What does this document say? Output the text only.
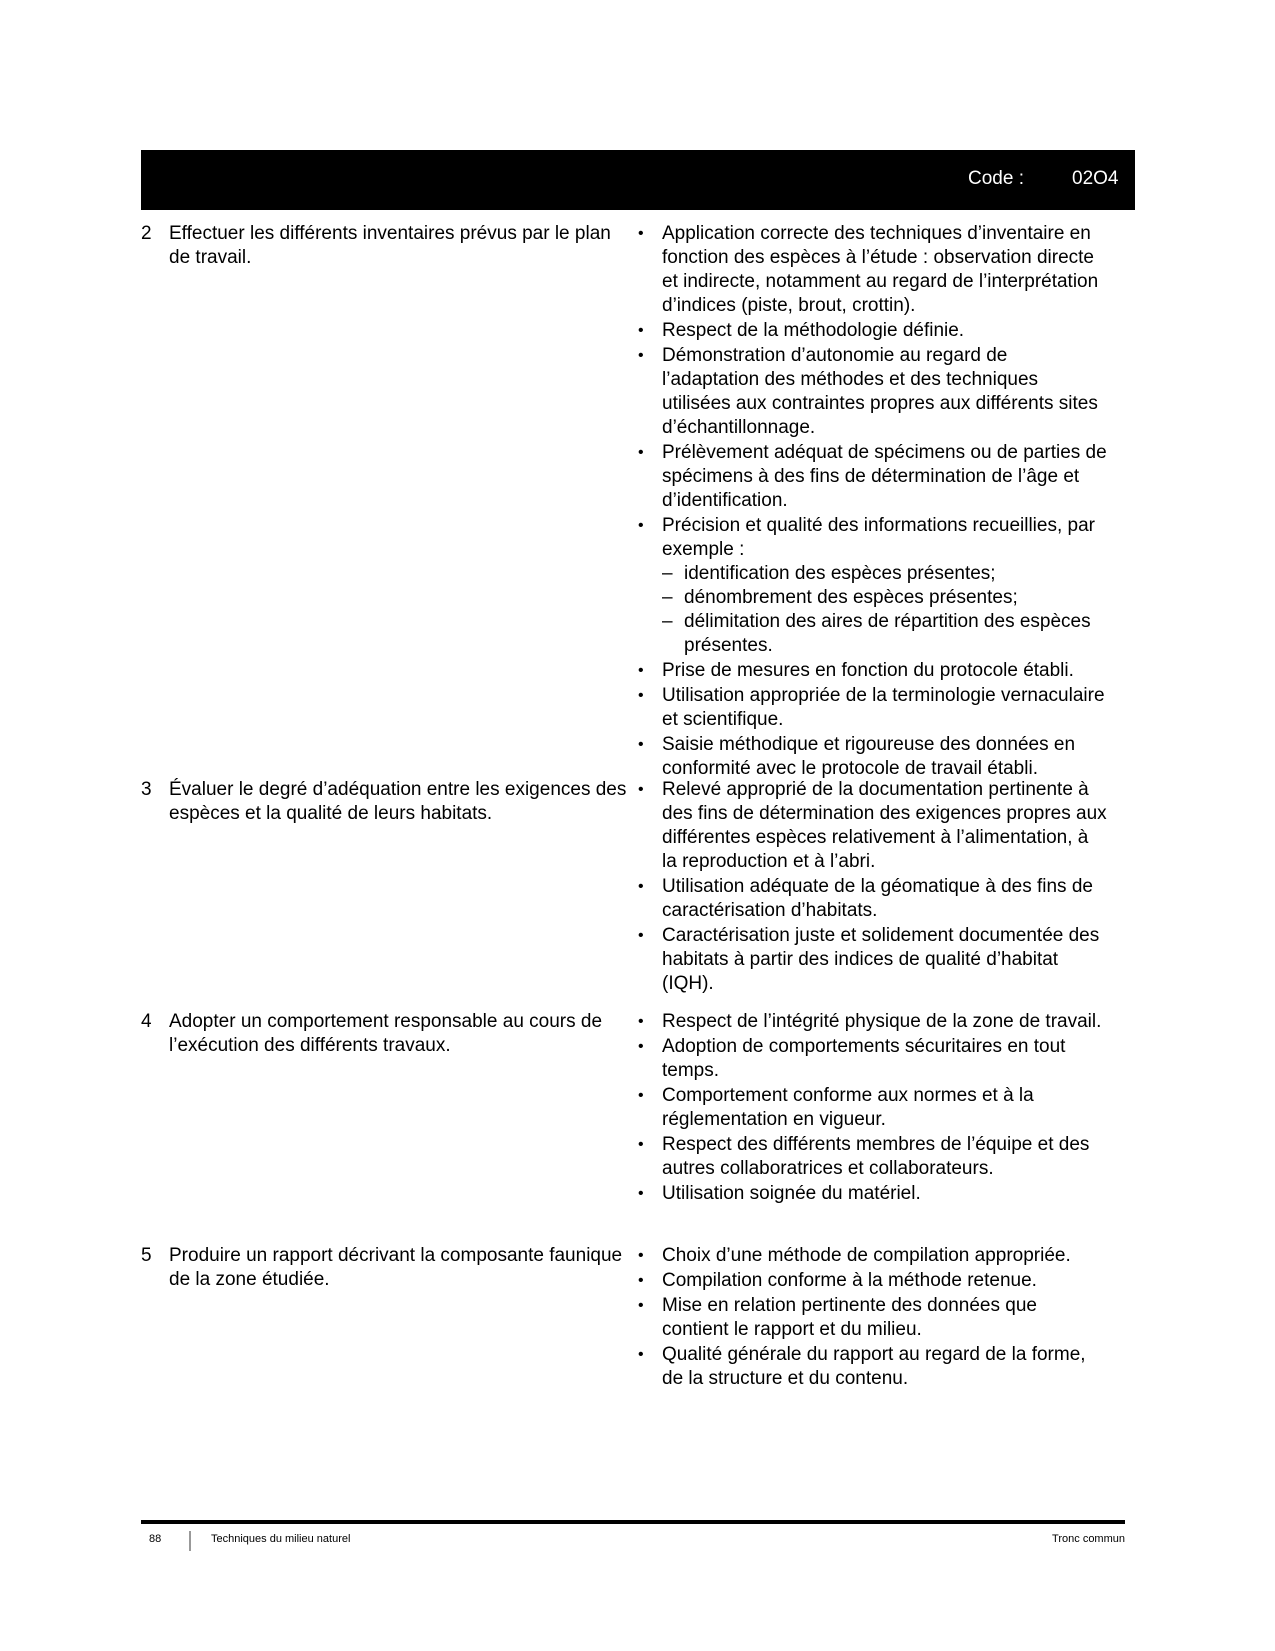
Code :	02O4
2 Effectuer les différents inventaires prévus par le plan de travail.
• Application correcte des techniques d’inventaire en fonction des espèces à l’étude : observation directe et indirecte, notamment au regard de l’interprétation d’indices (piste, brout, crottin).
• Respect de la méthodologie définie.
• Démonstration d’autonomie au regard de l’adaptation des méthodes et des techniques utilisées aux contraintes propres aux différents sites d’échantillonnage.
• Prélèvement adéquat de spécimens ou de parties de spécimens à des fins de détermination de l’âge et d’identification.
• Précision et qualité des informations recueillies, par exemple :
– identification des espèces présentes;
– dénombrement des espèces présentes;
– délimitation des aires de répartition des espèces présentes.
• Prise de mesures en fonction du protocole établi.
• Utilisation appropriée de la terminologie vernaculaire et scientifique.
• Saisie méthodique et rigoureuse des données en conformité avec le protocole de travail établi.
3 Évaluer le degré d’adéquation entre les exigences des espèces et la qualité de leurs habitats.
• Relevé approprié de la documentation pertinente à des fins de détermination des exigences propres aux différentes espèces relativement à l’alimentation, à la reproduction et à l’abri.
• Utilisation adéquate de la géomatique à des fins de caractérisation d’habitats.
• Caractérisation juste et solidement documentée des habitats à partir des indices de qualité d’habitat (IQH).
4 Adopter un comportement responsable au cours de l’exécution des différents travaux.
• Respect de l’intégrité physique de la zone de travail.
• Adoption de comportements sécuritaires en tout temps.
• Comportement conforme aux normes et à la réglementation en vigueur.
• Respect des différents membres de l’équipe et des autres collaboratrices et collaborateurs.
• Utilisation soignée du matériel.
5 Produire un rapport décrivant la composante faunique de la zone étudiée.
• Choix d’une méthode de compilation appropriée.
• Compilation conforme à la méthode retenue.
• Mise en relation pertinente des données que contient le rapport et du milieu.
• Qualité générale du rapport au regard de la forme, de la structure et du contenu.
88	Techniques du milieu naturel	Tronc commun
